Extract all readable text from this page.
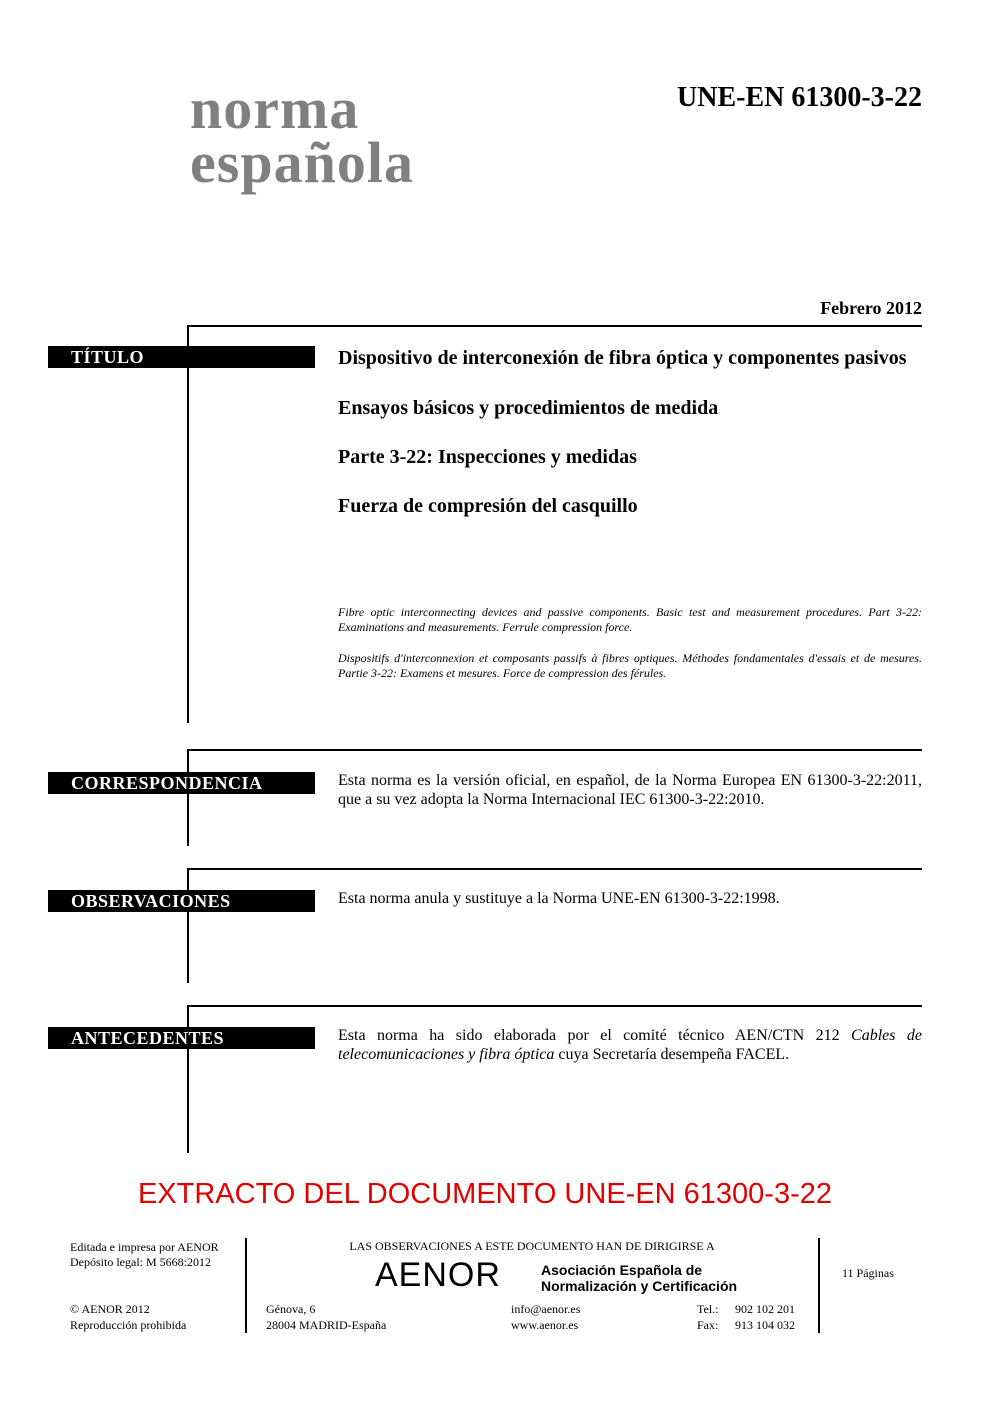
norma
española
UNE-EN 61300-3-22
Febrero 2012
TÍTULO	Dispositivo de interconexión de fibra óptica y componentes pasivos
Ensayos básicos y procedimientos de medida
Parte 3-22: Inspecciones y medidas
Fuerza de compresión del casquillo
Fibre optic interconnecting devices and passive components. Basic test and measurement procedures. Part 3-22: Examinations and measurements. Ferrule compression force.
Dispositifs d'interconnexion et composants passifs à fibres optiques. Méthodes fondamentales d'essais et de mesures. Partie 3-22: Examens et mesures. Force de compression des férules.
CORRESPONDENCIA	Esta norma es la versión oficial, en español, de la Norma Europea EN 61300-3-22:2011, que a su vez adopta la Norma Internacional IEC 61300-3-22:2010.
OBSERVACIONES	Esta norma anula y sustituye a la Norma UNE-EN 61300-3-22:1998.
ANTECEDENTES	Esta norma ha sido elaborada por el comité técnico AEN/CTN 212 Cables de telecomunicaciones y fibra óptica cuya Secretaría desempeña FACEL.
EXTRACTO DEL DOCUMENTO UNE-EN 61300-3-22
Editada e impresa por AENOR
Depósito legal: M 5668:2012
© AENOR 2012
Reproducción prohibida
LAS OBSERVACIONES A ESTE DOCUMENTO HAN DE DIRIGIRSE A
AENOR	Asociación Española de
Normalización y Certificación
Génova, 6
28004 MADRID-España
info@aenor.es
www.aenor.es
Tel.: 902 102 201
Fax: 913 104 032
11 Páginas
